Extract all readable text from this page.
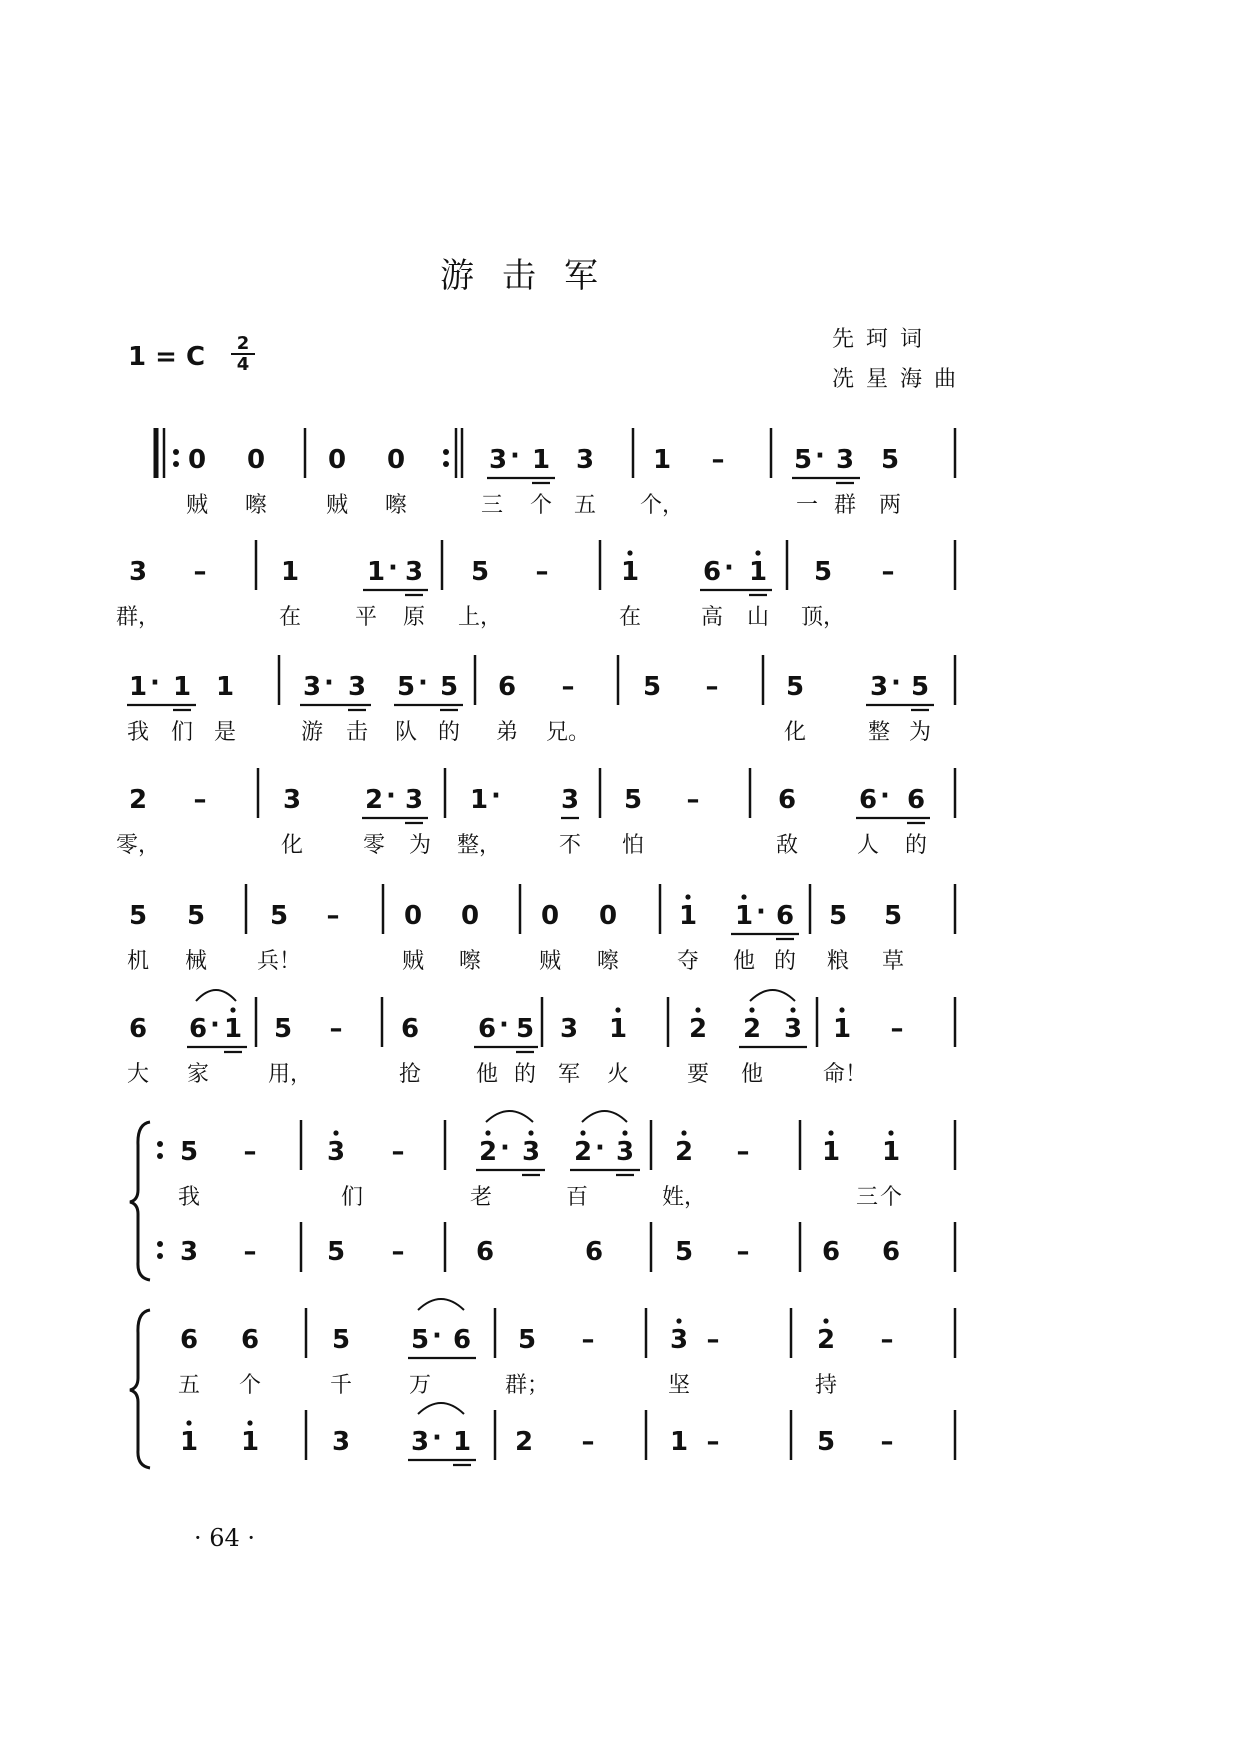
游击军
1 = C $\frac{2}{4}$	先珂词
冼星海曲
0 0 0 0	3 · 1 3 1 –	5 · 3 5
贼 嚓	贼 嚓	三 个 五 个，	一 群 两
3 –	1	1 · 3 5 –	1 6 · 1 5 –
群，	在 平 原 上，	在	高 山 顶，
1 · 1 1	3 · 3 5 · 5 6 –	5 –	5	3 · 5
我 们 是	游 击 队 的 弟 兄。	化	整 为
2 –	3 2 · 3 1 · 3 5 –	6 6 · 6
零，	化	零 为 整，	不 怕	敌	人 的
5 5 5 – 0 0 0 0 1 1 · 6 5 5
机 械 兵！	贼 嚓	贼 嚓	夺 他 的 粮 草
6 6 · 1 5 – 6 6 · 5 3 1 2 2 3 1 –
大 家	用，	抢 他 的 军 火	要 他	命！
5 –	3 –	2 · 3 2 · 3 2 –	1 1
我	们	老	百	姓，	三 个
3 –	5 –	6	6	5 –	6 6
6 6	5 5 · 6 5 –	3 –	2 –
五 个	千	万	群；	坚	持
1 1	3 3 · 1 2 –	1 –	5 –
· 64 ·
